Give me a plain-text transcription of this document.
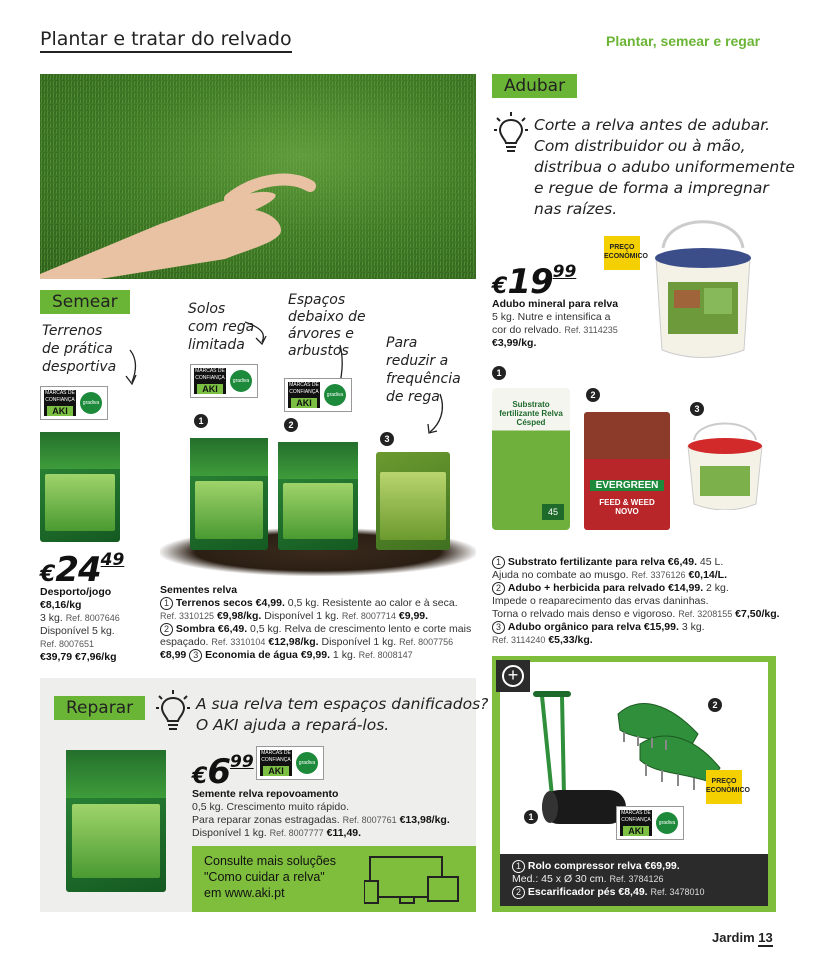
Plantar e tratar do relvado	Plantar, semear e regar
Adubar
Corte a relva antes de adubar.
Com distribuidor ou à mão,
distribua o adubo uniformemente
e regue de forma a impregnar
nas raízes.
PREÇO ECONÓMICO
€1999
Adubo mineral para relva
5 kg. Nutre e intensifica a
cor do relvado. Ref. 3114235
€3,99/kg.
1
2
3
Substrato fertilizante Relva Césped
45
EVERGREEN
FEED & WEED NOVO
1 Substrato fertilizante para relva €6,49. 45 L.
Ajuda no combate ao musgo. Ref. 3376126 €0,14/L.
2 Adubo + herbicida para relvado €14,99. 2 kg.
Impede o reaparecimento das ervas daninhas.
Torna o relvado mais denso e vigoroso. Ref. 3208155 €7,50/kg.
3 Adubo orgânico para relva €15,99. 3 kg.
Ref. 3114240 €5,33/kg.
Semear
Terrenos
de prática
desportiva
Solos
com rega
limitada
Espaços
debaixo de
árvores e
arbustos	Para
reduzir a
frequência
de rega
MARCAS DE CONFIANÇA
AKI
gradiva
MARCAS DE CONFIANÇA
AKI
gradiva
MARCAS DE CONFIANÇA
AKI
gradiva
1	2
3
€2449
Desporto/jogo
€8,16/kg
3 kg. Ref. 8007646
Disponível 5 kg.
Ref. 8007651
€39,79 €7,96/kg
Sementes relva
1 Terrenos secos €4,99. 0,5 kg. Resistente ao calor e à seca.
Ref. 3310125 €9,98/kg. Disponível 1 kg. Ref. 8007714 €9,99.
2 Sombra €6,49. 0,5 kg. Relva de crescimento lento e corte mais
espaçado. Ref. 3310104 €12,98/kg. Disponível 1 kg. Ref. 8007756
€8,99 3 Economia de água €9,99. 1 kg. Ref. 8008147
Reparar	A sua relva tem espaços danificados?
O AKI ajuda a repará-los.
€699 MARCAS DE CONFIANÇA
AKI
gradiva
Semente relva repovoamento
0,5 kg. Crescimento muito rápido.
Para reparar zonas estragadas. Ref. 8007761 €13,98/kg.
Disponível 1 kg. Ref. 8007777 €11,49.
Consulte mais soluções
"Como cuidar a relva"
em www.aki.pt
+
1
2
PREÇO ECONÓMICO
MARCAS DE CONFIANÇA
AKI
gradiva
1 Rolo compressor relva €69,99.
Med.: 45 x Ø 30 cm. Ref. 3784126
2 Escarificador pés €8,49. Ref. 3478010
Jardim 13
